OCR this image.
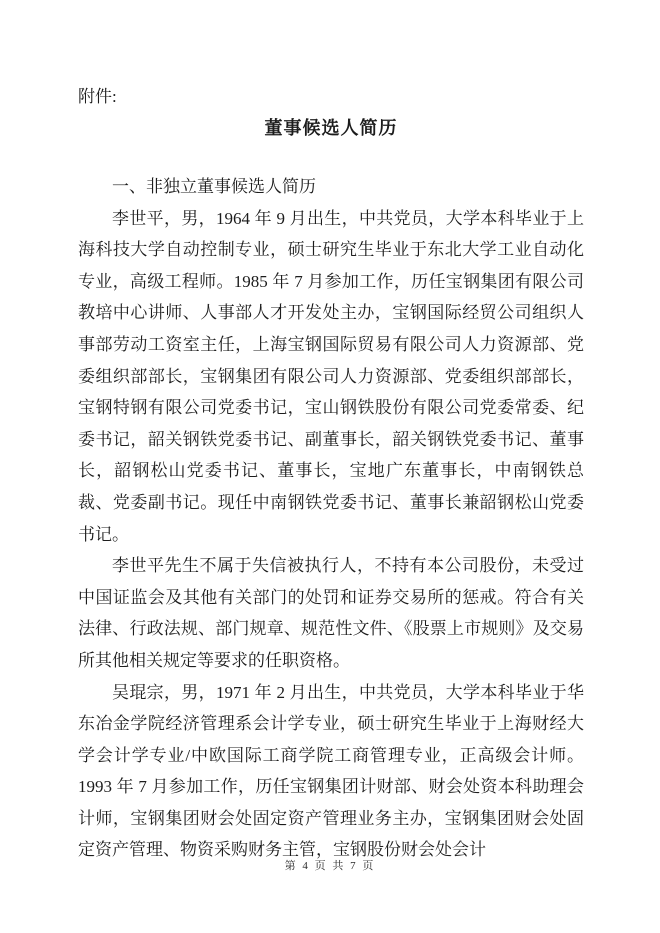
附件:
董事候选人简历
一、非独立董事候选人简历

李世平，男，1964 年 9 月出生，中共党员，大学本科毕业于上海科技大学自动控制专业，硕士研究生毕业于东北大学工业自动化专业，高级工程师。1985 年 7 月参加工作，历任宝钢集团有限公司教培中心讲师、人事部人才开发处主办，宝钢国际经贸公司组织人事部劳动工资室主任，上海宝钢国际贸易有限公司人力资源部、党委组织部部长，宝钢集团有限公司人力资源部、党委组织部部长，宝钢特钢有限公司党委书记，宝山钢铁股份有限公司党委常委、纪委书记，韶关钢铁党委书记、副董事长，韶关钢铁党委书记、董事长，韶钢松山党委书记、董事长，宝地广东董事长，中南钢铁总裁、党委副书记。现任中南钢铁党委书记、董事长兼韶钢松山党委书记。

李世平先生不属于失信被执行人，不持有本公司股份，未受过中国证监会及其他有关部门的处罚和证券交易所的惩戒。符合有关法律、行政法规、部门规章、规范性文件、《股票上市规则》及交易所其他相关规定等要求的任职资格。

吴琨宗，男，1971 年 2 月出生，中共党员，大学本科毕业于华东冶金学院经济管理系会计学专业，硕士研究生毕业于上海财经大学会计学专业/中欧国际工商学院工商管理专业，正高级会计师。1993 年 7 月参加工作，历任宝钢集团计财部、财会处资本科助理会计师，宝钢集团财会处固定资产管理业务主办，宝钢集团财会处固定资产管理、物资采购财务主管，宝钢股份财会处会计

第 4 页 共 7 页
